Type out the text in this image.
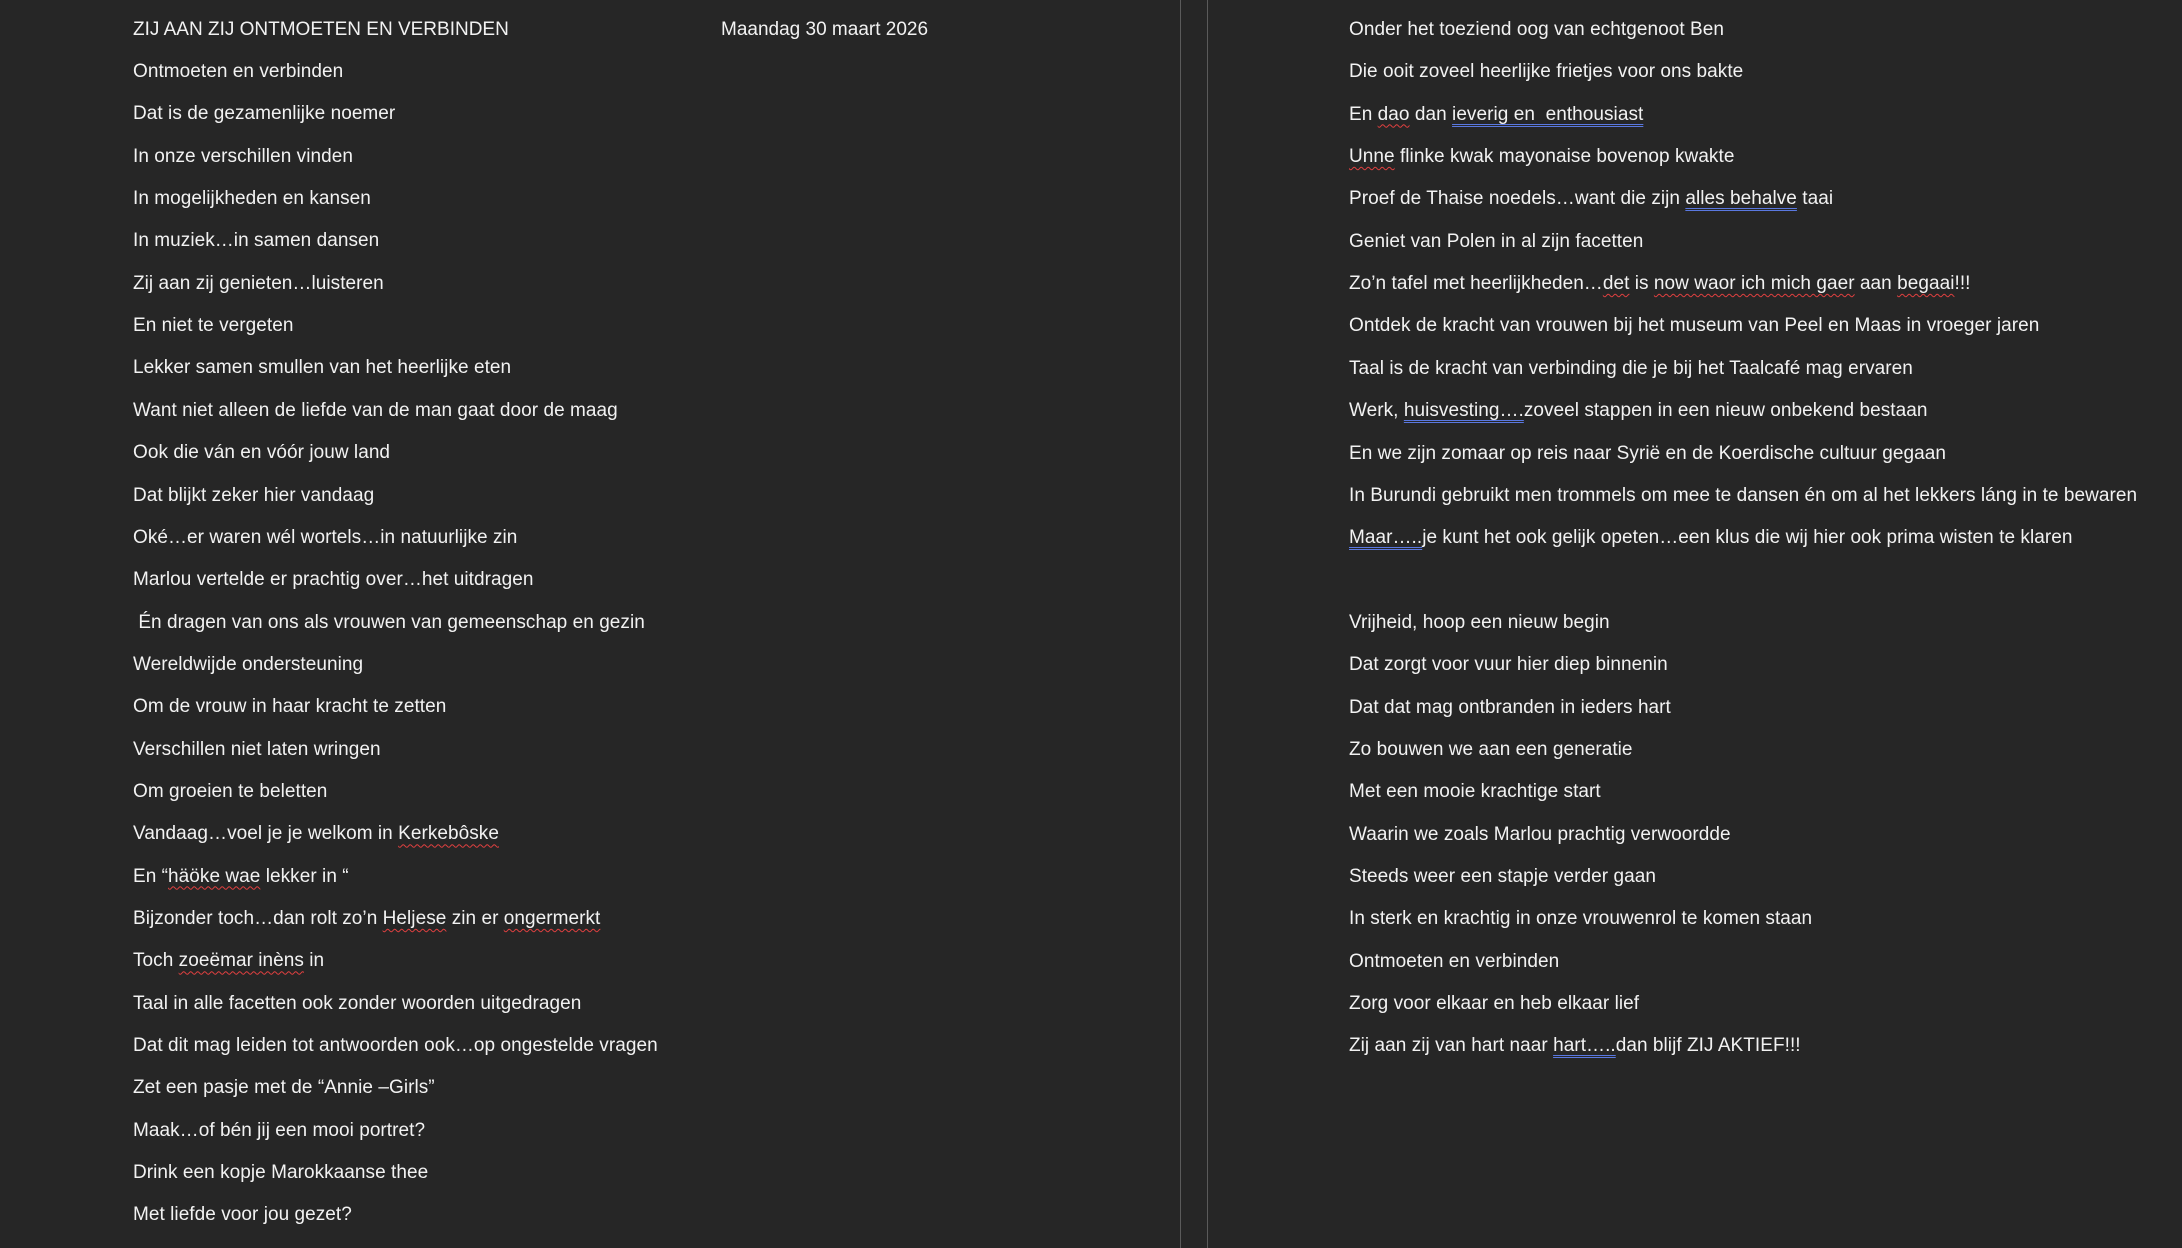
ZIJ AAN ZIJ ONTMOETEN EN VERBINDEN	Maandag 30 maart 2026
Ontmoeten en verbinden
Dat is de gezamenlijke noemer
In onze verschillen vinden
In mogelijkheden en kansen
In muziek…in samen dansen
Zij aan zij genieten…luisteren
En niet te vergeten
Lekker samen smullen van het heerlijke eten
Want niet alleen de liefde van de man gaat door de maag
Ook die ván en vóór jouw land
Dat blijkt zeker hier vandaag
Oké…er waren wél wortels…in natuurlijke zin
Marlou vertelde er prachtig over…het uitdragen
Én dragen van ons als vrouwen van gemeenschap en gezin
Wereldwijde ondersteuning
Om de vrouw in haar kracht te zetten
Verschillen niet laten wringen
Om groeien te beletten
Vandaag…voel je je welkom in Kerkebôske
En “häöke wae lekker in “
Bijzonder toch…dan rolt zo’n Heljese zin er ongermerkt
Toch zoeëmar inèns in
Taal in alle facetten ook zonder woorden uitgedragen
Dat dit mag leiden tot antwoorden ook…op ongestelde vragen
Zet een pasje met de “Annie –Girls”
Maak…of bén jij een mooi portret?
Drink een kopje Marokkaanse thee
Met liefde voor jou gezet?
Onder het toeziend oog van echtgenoot Ben
Die ooit zoveel heerlijke frietjes voor ons bakte
En dao dan ieverig en  enthousiast
Unne flinke kwak mayonaise bovenop kwakte
Proef de Thaise noedels…want die zijn alles behalve taai
Geniet van Polen in al zijn facetten
Zo’n tafel met heerlijkheden…det is now waor ich mich gaer aan begaai!!!
Ontdek de kracht van vrouwen bij het museum van Peel en Maas in vroeger jaren
Taal is de kracht van verbinding die je bij het Taalcafé mag ervaren
Werk, huisvesting….zoveel stappen in een nieuw onbekend bestaan
En we zijn zomaar op reis naar Syrië en de Koerdische cultuur gegaan
In Burundi gebruikt men trommels om mee te dansen én om al het lekkers láng in te bewaren
Maar…..je kunt het ook gelijk opeten…een klus die wij hier ook prima wisten te klaren
Vrijheid, hoop een nieuw begin
Dat zorgt voor vuur hier diep binnenin
Dat dat mag ontbranden in ieders hart
Zo bouwen we aan een generatie
Met een mooie krachtige start
Waarin we zoals Marlou prachtig verwoordde
Steeds weer een stapje verder gaan
In sterk en krachtig in onze vrouwenrol te komen staan
Ontmoeten en verbinden
Zorg voor elkaar en heb elkaar lief
Zij aan zij van hart naar hart…..dan blijf ZIJ AKTIEF!!!
